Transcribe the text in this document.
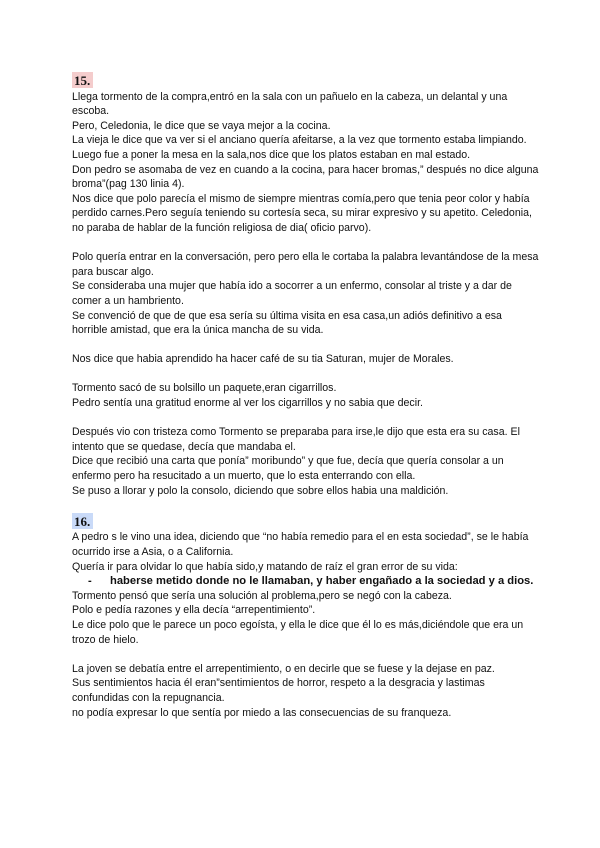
15.

Llega tormento de la compra,entró en la sala con un pañuelo en la cabeza, un delantal y una escoba.

Pero, Celedonia, le dice que se vaya mejor a la cocina.

La vieja le dice que va ver si el anciano quería afeitarse, a la vez que tormento estaba limpiando. Luego fue a poner la mesa en la sala,nos dice que los platos estaban en mal estado.

Don pedro se asomaba de vez en cuando a la cocina, para hacer bromas,” después no dice alguna broma”(pag 130 linia 4).

Nos dice que polo parecía el mismo de siempre mientras comía,pero que tenia peor color y había perdido carnes.Pero seguía teniendo su cortesía seca, su mirar expresivo y su apetito. Celedonia, no paraba de hablar de la función religiosa de dia( oficio parvo).

Polo quería entrar en la conversación, pero pero ella le cortaba la palabra levantándose de la mesa para buscar algo.

Se consideraba una mujer que había ido a socorrer a un enfermo, consolar al triste y a dar de comer a un hambriento.

Se convenció de que de que esa sería su última visita en esa casa,un adiós definitivo a esa horrible amistad, que era la única mancha de su vida.

Nos dice que habia aprendido ha hacer café de su tia Saturan, mujer de Morales.

Tormento sacó de su bolsillo un paquete,eran cigarrillos.

Pedro sentía una gratitud enorme al ver los cigarrillos y no sabia que decir.

Después vio con tristeza como Tormento se preparaba para irse,le dijo que esta era su casa. El intento que se quedase, decía que mandaba el.

Dice que recibió una carta que ponía” moribundo” y que fue, decía que quería consolar a un enfermo pero ha resucitado a un muerto, que lo esta enterrando con ella.

Se puso a llorar y polo la consolo, diciendo que sobre ellos habia una maldición.

16.

A pedro s le vino una idea, diciendo que “no había remedio para el en esta sociedad”, se le había ocurrido irse a Asia, o a California.

Quería ir para olvidar lo que había sido,y matando de raíz el gran error de su vida:

-	haberse metido donde no le llamaban, y haber engañado a la sociedad y a dios.

Tormento pensó que sería una solución al problema,pero se negó con la cabeza.

Polo e pedía razones y ella decía “arrepentimiento”.

Le dice polo que le parece un poco egoísta, y ella le dice que él lo es más,diciéndole que era un trozo de hielo.

La joven se debatía entre el arrepentimiento, o en decirle que se fuese y la dejase en paz.

Sus sentimientos hacia él eran”sentimientos de horror, respeto a la desgracia y lastimas confundidas con la repugnancia.

no podía expresar lo que sentía por miedo a las consecuencias de su franqueza.
